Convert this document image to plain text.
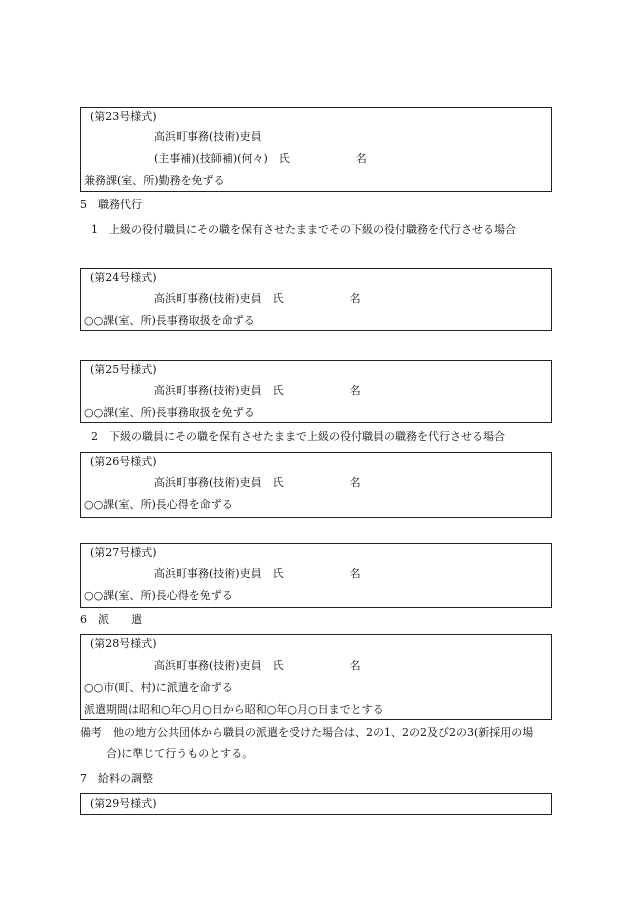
(第23号様式)
高浜町事務(技術)吏員
(主事補)(技師補)(何々)　氏　　　　　　名
兼務課(室、所)勤務を免ずる
5　職務代行
1　上級の役付職員にその職を保有させたままでその下級の役付職務を代行させる場合
(第24号様式)
高浜町事務(技術)吏員　氏　　　　　　名
○○課(室、所)長事務取扱を命ずる
(第25号様式)
高浜町事務(技術)吏員　氏　　　　　　名
○○課(室、所)長事務取扱を免ずる
2　下級の職員にその職を保有させたままで上級の役付職員の職務を代行させる場合
(第26号様式)
高浜町事務(技術)吏員　氏　　　　　　名
○○課(室、所)長心得を命ずる
(第27号様式)
高浜町事務(技術)吏員　氏　　　　　　名
○○課(室、所)長心得を免ずる
6　派　　遣
(第28号様式)
高浜町事務(技術)吏員　氏　　　　　　名
○○市(町、村)に派遣を命ずる
派遣期間は昭和○年○月○日から昭和○年○月○日までとする
備考　他の地方公共団体から職員の派遣を受けた場合は、2の1、2の2及び2の3(新採用の場
合)に準じて行うものとする。
7　給料の調整
(第29号様式)
